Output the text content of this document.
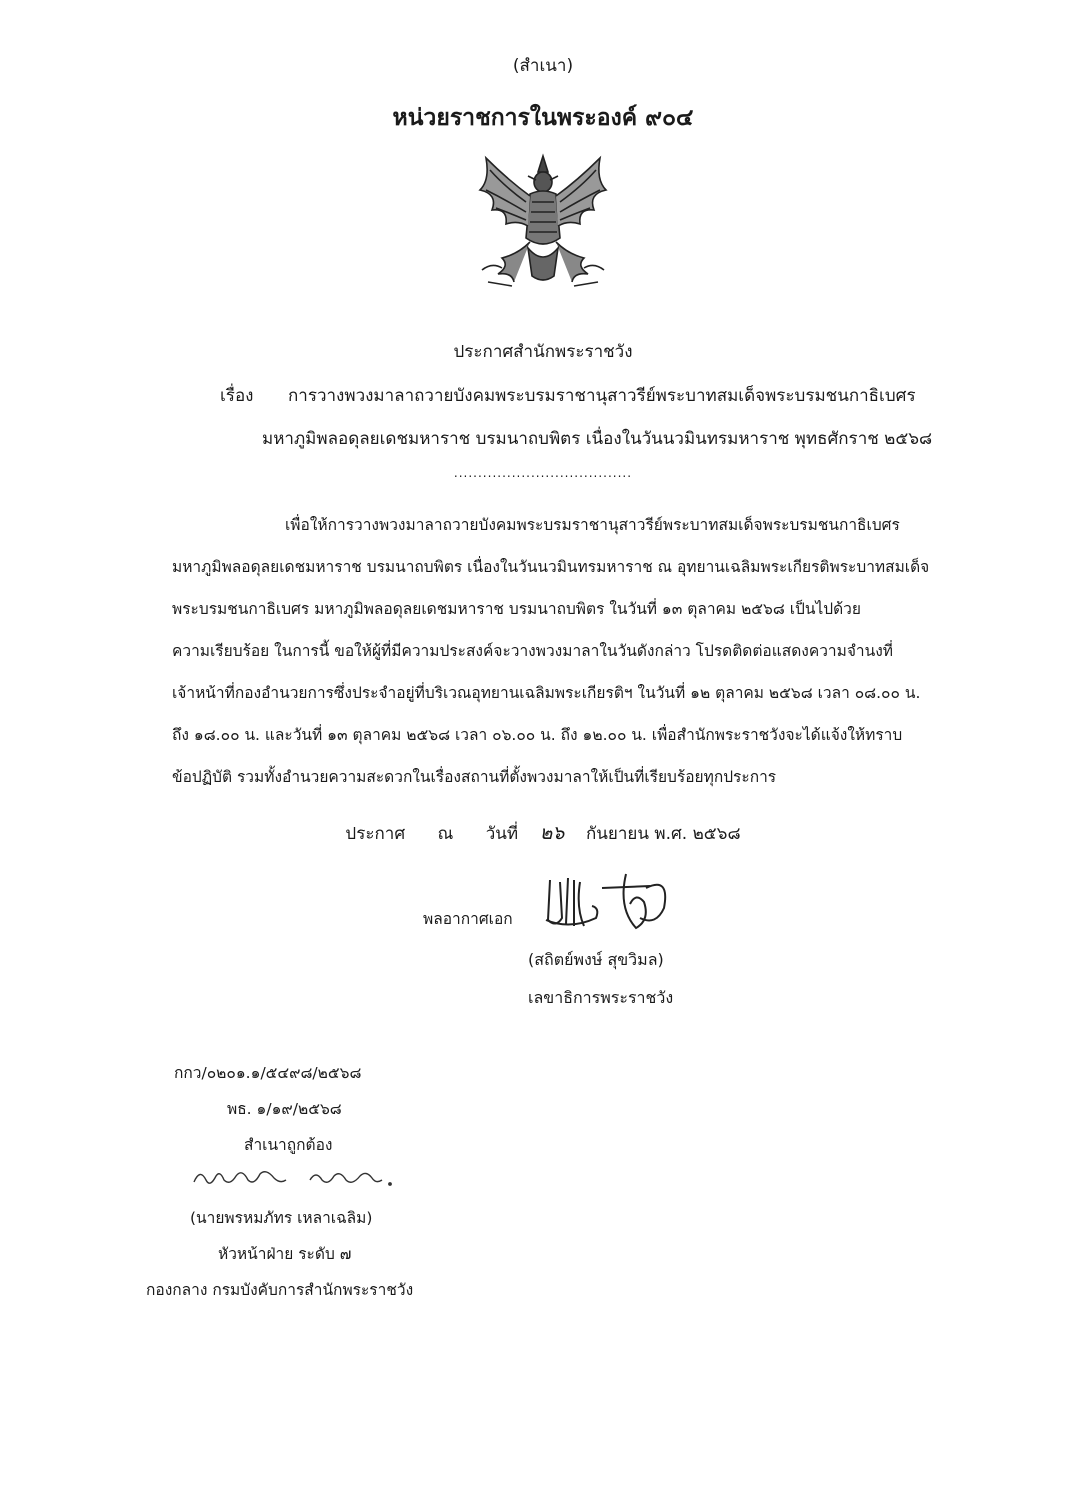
(สำเนา)
หน่วยราชการในพระองค์ ๙๐๔
ประกาศสำนักพระราชวัง
เรื่อง การวางพวงมาลาถวายบังคมพระบรมราชานุสาวรีย์พระบาทสมเด็จพระบรมชนกาธิเบศร
มหาภูมิพลอดุลยเดชมหาราช บรมนาถบพิตร เนื่องในวันนวมินทรมหาราช พุทธศักราช ๒๕๖๘
.....................................
เพื่อให้การวางพวงมาลาถวายบังคมพระบรมราชานุสาวรีย์พระบาทสมเด็จพระบรมชนกาธิเบศร
มหาภูมิพลอดุลยเดชมหาราช บรมนาถบพิตร เนื่องในวันนวมินทรมหาราช ณ อุทยานเฉลิมพระเกียรติพระบาทสมเด็จ
พระบรมชนกาธิเบศร มหาภูมิพลอดุลยเดชมหาราช บรมนาถบพิตร ในวันที่ ๑๓ ตุลาคม ๒๕๖๘ เป็นไปด้วย
ความเรียบร้อย ในการนี้ ขอให้ผู้ที่มีความประสงค์จะวางพวงมาลาในวันดังกล่าว โปรดติดต่อแสดงความจำนงที่
เจ้าหน้าที่กองอำนวยการซึ่งประจำอยู่ที่บริเวณอุทยานเฉลิมพระเกียรติฯ ในวันที่ ๑๒ ตุลาคม ๒๕๖๘ เวลา ๐๘.๐๐ น.
ถึง ๑๘.๐๐ น. และวันที่ ๑๓ ตุลาคม ๒๕๖๘ เวลา ๐๖.๐๐ น. ถึง ๑๒.๐๐ น. เพื่อสำนักพระราชวังจะได้แจ้งให้ทราบ
ข้อปฏิบัติ รวมทั้งอำนวยความสะดวกในเรื่องสถานที่ตั้งพวงมาลาให้เป็นที่เรียบร้อยทุกประการ
ประกาศ ณ วันที่ ๒๖ กันยายน พ.ศ. ๒๕๖๘
พลอากาศเอก
(สถิตย์พงษ์ สุขวิมล)
เลขาธิการพระราชวัง
กกว/๐๒๐๑.๑/๕๔๙๘/๒๕๖๘
พธ. ๑/๑๙/๒๕๖๘
สำเนาถูกต้อง
(นายพรหมภัทร เหลาเฉลิม)
หัวหน้าฝ่าย ระดับ ๗
กองกลาง กรมบังคับการสำนักพระราชวัง
